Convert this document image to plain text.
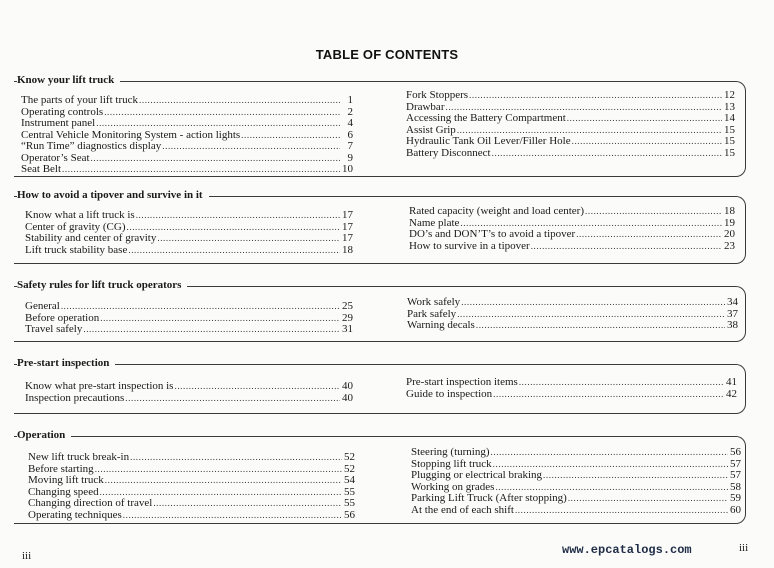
TABLE OF CONTENTS
Know your lift truck
The parts of your lift truck .....	1
Operating controls .....	2
Instrument panel .....	4
Central Vehicle Monitoring System - action lights .....	6
“Run Time” diagnostics display .....	7
Operator’s Seat .....	9
Seat Belt .....	10
Fork Stoppers .....	12
Drawbar .....	13
Accessing the Battery Compartment .....	14
Assist Grip .....	15
Hydraulic Tank Oil Lever/Filler Hole .....	15
Battery Disconnect .....	15
How to avoid a tipover and survive in it
Know what a lift truck is .....	17
Center of gravity (CG) .....	17
Stability and center of gravity .....	17
Lift truck stability base .....	18
Rated capacity (weight and load center) .....	18
Name plate .....	19
DO’s and DON’T’s to avoid a tipover .....	20
How to survive in a tipover .....	23
Safety rules for lift truck operators
General .....	25
Before operation .....	29
Travel safely .....	31
Work safely .....	34
Park safely .....	37
Warning decals .....	38
Pre-start inspection
Know what pre-start inspection is .....	40
Inspection precautions .....	40
Pre-start inspection items .....	41
Guide to inspection .....	42
Operation
New lift truck break-in .....	52
Before starting .....	52
Moving lift truck .....	54
Changing speed .....	55
Changing direction of travel .....	55
Operating techniques .....	56
Steering (turning) .....	56
Stopping lift truck .....	57
Plugging or electrical braking .....	57
Working on grades .....	58
Parking Lift Truck (After stopping) .....	59
At the end of each shift .....	60
iii	www.epcatalogs.com	iii
